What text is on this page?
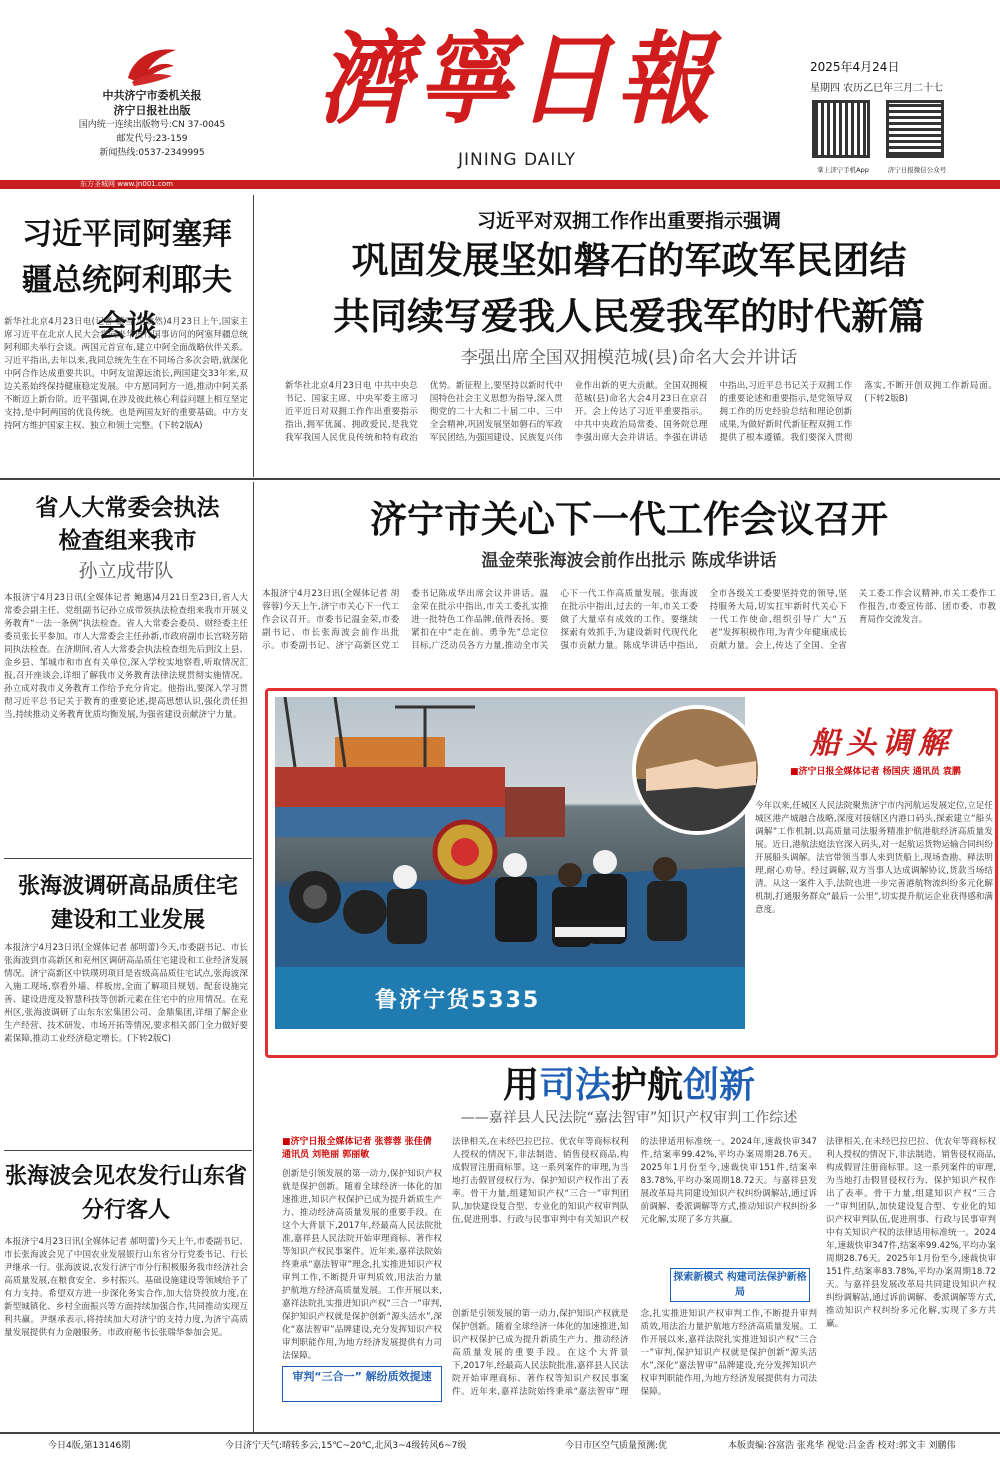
中共济宁市委机关报
济宁日报社出版
国内统一连续出版物号:CN 37-0045
邮发代号:23-159
新闻热线:0537-2349995
濟寧日報
JINING DAILY
2025年4月24日
星期四 农历乙巳年三月二十七
掌上济宁手机App	济宁日报微信公众号
东方圣城网 www.jn001.com
习近平同阿塞拜疆总统阿利耶夫会谈
新华社北京4月23日电(记者 董雪 冯歆然)4月23日上午,国家主席习近平在北京人民大会堂同来华进行国事访问的阿塞拜疆总统阿利耶夫举行会谈。两国元首宣布,建立中阿全面战略伙伴关系。习近平指出,去年以来,我同总统先生在不同场合多次会晤,就深化中阿合作达成重要共识。中阿友谊源远流长,两国建交33年来,双边关系始终保持健康稳定发展。中方愿同阿方一道,推动中阿关系不断迈上新台阶。近平强调,在涉及彼此核心利益问题上相互坚定支持,是中阿两国的优良传统。也是两国友好的重要基础。中方支持阿方维护国家主权、独立和领土完整。(下转2版A)
习近平对双拥工作作出重要指示强调
巩固发展坚如磐石的军政军民团结
共同续写爱我人民爱我军的时代新篇
李强出席全国双拥模范城(县)命名大会并讲话
新华社北京4月23日电 中共中央总书记、国家主席、中央军委主席习近平近日对双拥工作作出重要指示指出,拥军优属、拥政爱民,是我党我军我国人民优良传统和特有政治优势。新征程上,要坚持以新时代中国特色社会主义思想为指导,深入贯彻党的二十大和二十届二中、三中全会精神,巩固发展坚如磐石的军政军民团结,为强国建设、民族复兴伟业作出新的更大贡献。全国双拥模范城(县)命名大会4月23日在京召开。会上传达了习近平重要指示。中共中央政治局常委、国务院总理李强出席大会并讲话。李强在讲话中指出,习近平总书记关于双拥工作的重要论述和重要指示,是党领导双拥工作的历史经验总结和理论创新成果,为做好新时代新征程双拥工作提供了根本遵循。我们要深入贯彻落实,不断开创双拥工作新局面。(下转2版B)
省人大常委会执法检查组来我市
孙立成带队
本报济宁4月23日讯(全媒体记者 鲍惠)4月21日至23日,省人大常委会副主任、党组副书记孙立成带领执法检查组来我市开展义务教育“一法一条例”执法检查。省人大常委会委员、财经委主任委员张长平参加。市人大常委会主任孙新,市政府副市长宫晓芳陪同执法检查。在济期间,省人大常委会执法检查组先后到汶上县、金乡县、邹城市和市直有关单位,深入学校实地察看,听取情况汇报,召开座谈会,详细了解我市义务教育法律法规贯彻实施情况。孙立成对我市义务教育工作给予充分肯定。他指出,要深入学习贯彻习近平总书记关于教育的重要论述,提高思想认识,强化责任担当,持续推动义务教育优质均衡发展,为强省建设贡献济宁力量。
张海波调研高品质住宅建设和工业发展
本报济宁4月23日讯(全媒体记者 郝明蕾)今天,市委副书记、市长张海波到市高新区和兖州区调研高品质住宅建设和工业经济发展情况。济宁高新区中铁璞玥项目是省级高品质住宅试点,张海波深入施工现场,察看外墙、样板房,全面了解项目规划、配套设施完善、建设进度及智慧科技等创新元素在住宅中的应用情况。在兖州区,张海波调研了山东东宏集团公司、金鼎集团,详细了解企业生产经营、技术研发、市场开拓等情况,要求相关部门全力做好要素保障,推动工业经济稳定增长。(下转2版C)
张海波会见农发行山东省分行客人
本报济宁4月23日讯(全媒体记者 郝明蕾)今天上午,市委副书记、市长张海波会见了中国农业发展银行山东省分行党委书记、行长尹继承一行。张海波说,农发行济宁市分行积极服务我市经济社会高质量发展,在粮食安全、乡村振兴、基础设施建设等领域给予了有力支持。希望双方进一步深化务实合作,加大信贷投放力度,在新型城镇化、乡村全面振兴等方面持续加强合作,共同推动实现互利共赢。尹继承表示,将持续加大对济宁的支持力度,为济宁高质量发展提供有力金融服务。市政府秘书长张瑞华参加会见。
济宁市关心下一代工作会议召开
温金荣张海波会前作出批示 陈成华讲话
本报济宁4月23日讯(全媒体记者 胡蓉蓉)今天上午,济宁市关心下一代工作会议召开。市委书记温金荣,市委副书记、市长张海波会前作出批示。市委副书记、济宁高新区党工委书记陈成华出席会议并讲话。温金荣在批示中指出,市关工委扎实推进一批特色工作品牌,值得表扬。要紧扣在中“走在前、勇争先”总定位目标,广泛动员各方力量,推动全市关心下一代工作高质量发展。张海波在批示中指出,过去的一年,市关工委做了大量卓有成效的工作。要继续探索有效抓手,为建设新时代现代化强市贡献力量。陈成华讲话中指出,全市各级关工委要坚持党的领导,坚持服务大局,切实扛牢新时代关心下一代工作使命,组织引导广大“五老”发挥积极作用,为青少年健康成长贡献力量。会上,传达了全国、全省关工委工作会议精神,市关工委作工作报告,市委宣传部、团市委、市教育局作交流发言。
鲁济宁货5335
船头调解
■济宁日报全媒体记者 杨国庆 通讯员 袁鹏
今年以来,任城区人民法院聚焦济宁市内河航运发展定位,立足任城区港产城融合战略,深度对接辖区内港口码头,探索建立“船头调解”工作机制,以高质量司法服务精准护航港航经济高质量发展。近日,港航法庭法官深入码头,对一起航运货物运输合同纠纷开展船头调解。法官带领当事人来到货船上,现场查勘、释法明理,耐心劝导。经过调解,双方当事人达成调解协议,货款当场结清。从这一案件入手,法院也进一步完善港航物流纠纷多元化解机制,打通服务群众“最后一公里”,切实提升航运企业获得感和满意度。
用司法护航创新
——嘉祥县人民法院“嘉法智审”知识产权审判工作综述
■济宁日报全媒体记者 张蓉蓉 张佳倩 通讯员 刘艳丽 郭丽敏
创新是引领发展的第一动力,保护知识产权就是保护创新。随着全球经济一体化的加速推进,知识产权保护已成为提升新质生产力、推动经济高质量发展的重要手段。在这个大背景下,2017年,经最高人民法院批准,嘉祥县人民法院开始审理商标、著作权等知识产权民事案件。近年来,嘉祥法院始终秉承“嘉法智审”理念,扎实推进知识产权审判工作,不断提升审判质效,用法治力量护航地方经济高质量发展。工作开展以来,嘉祥法院扎实推进知识产权“三合一”审判,保护知识产权就是保护创新“源头活水”,深化“嘉法智审”品牌建设,充分发挥知识产权审判职能作用,为地方经济发展提供有力司法保障。
审判“三合一” 解纷质效提速
法律相关,在未经巴拉巴拉、优农年等商标权利人授权的情况下,非法制造、销售侵权商品,构成假冒注册商标罪。这一系列案件的审理,为当地打击假冒侵权行为、保护知识产权作出了表率。骨干力量,组建知识产权“三合一”审判团队,加快建设复合型、专业化的知识产权审判队伍,促进刑事、行政与民事审判中有关知识产权的法律适用标准统一。2024年,速裁快审347件,结案率99.42%,平均办案周期28.76天。2025年1月份至今,速裁快审151件,结案率83.78%,平均办案周期18.72天。与嘉祥县发展改革局共同建设知识产权纠纷调解站,通过诉前调解、委派调解等方式,推动知识产权纠纷多元化解,实现了多方共赢。
探索新模式 构建司法保护新格局
创新是引领发展的第一动力,保护知识产权就是保护创新。随着全球经济一体化的加速推进,知识产权保护已成为提升新质生产力、推动经济高质量发展的重要手段。在这个大背景下,2017年,经最高人民法院批准,嘉祥县人民法院开始审理商标、著作权等知识产权民事案件。近年来,嘉祥法院始终秉承“嘉法智审”理念,扎实推进知识产权审判工作,不断提升审判质效,用法治力量护航地方经济高质量发展。工作开展以来,嘉祥法院扎实推进知识产权“三合一”审判,保护知识产权就是保护创新“源头活水”,深化“嘉法智审”品牌建设,充分发挥知识产权审判职能作用,为地方经济发展提供有力司法保障。
法律相关,在未经巴拉巴拉、优农年等商标权利人授权的情况下,非法制造、销售侵权商品,构成假冒注册商标罪。这一系列案件的审理,为当地打击假冒侵权行为、保护知识产权作出了表率。骨干力量,组建知识产权“三合一”审判团队,加快建设复合型、专业化的知识产权审判队伍,促进刑事、行政与民事审判中有关知识产权的法律适用标准统一。2024年,速裁快审347件,结案率99.42%,平均办案周期28.76天。2025年1月份至今,速裁快审151件,结案率83.78%,平均办案周期18.72天。与嘉祥县发展改革局共同建设知识产权纠纷调解站,通过诉前调解、委派调解等方式,推动知识产权纠纷多元化解,实现了多方共赢。
今日4版,第13146期	今日济宁天气:晴转多云,15℃~20℃,北风3~4级转风6~7级	今日市区空气质量预测:优	本版责编:谷富浩 张兆华 视觉:吕金香 校对:郭文丰 刘鹏伟
